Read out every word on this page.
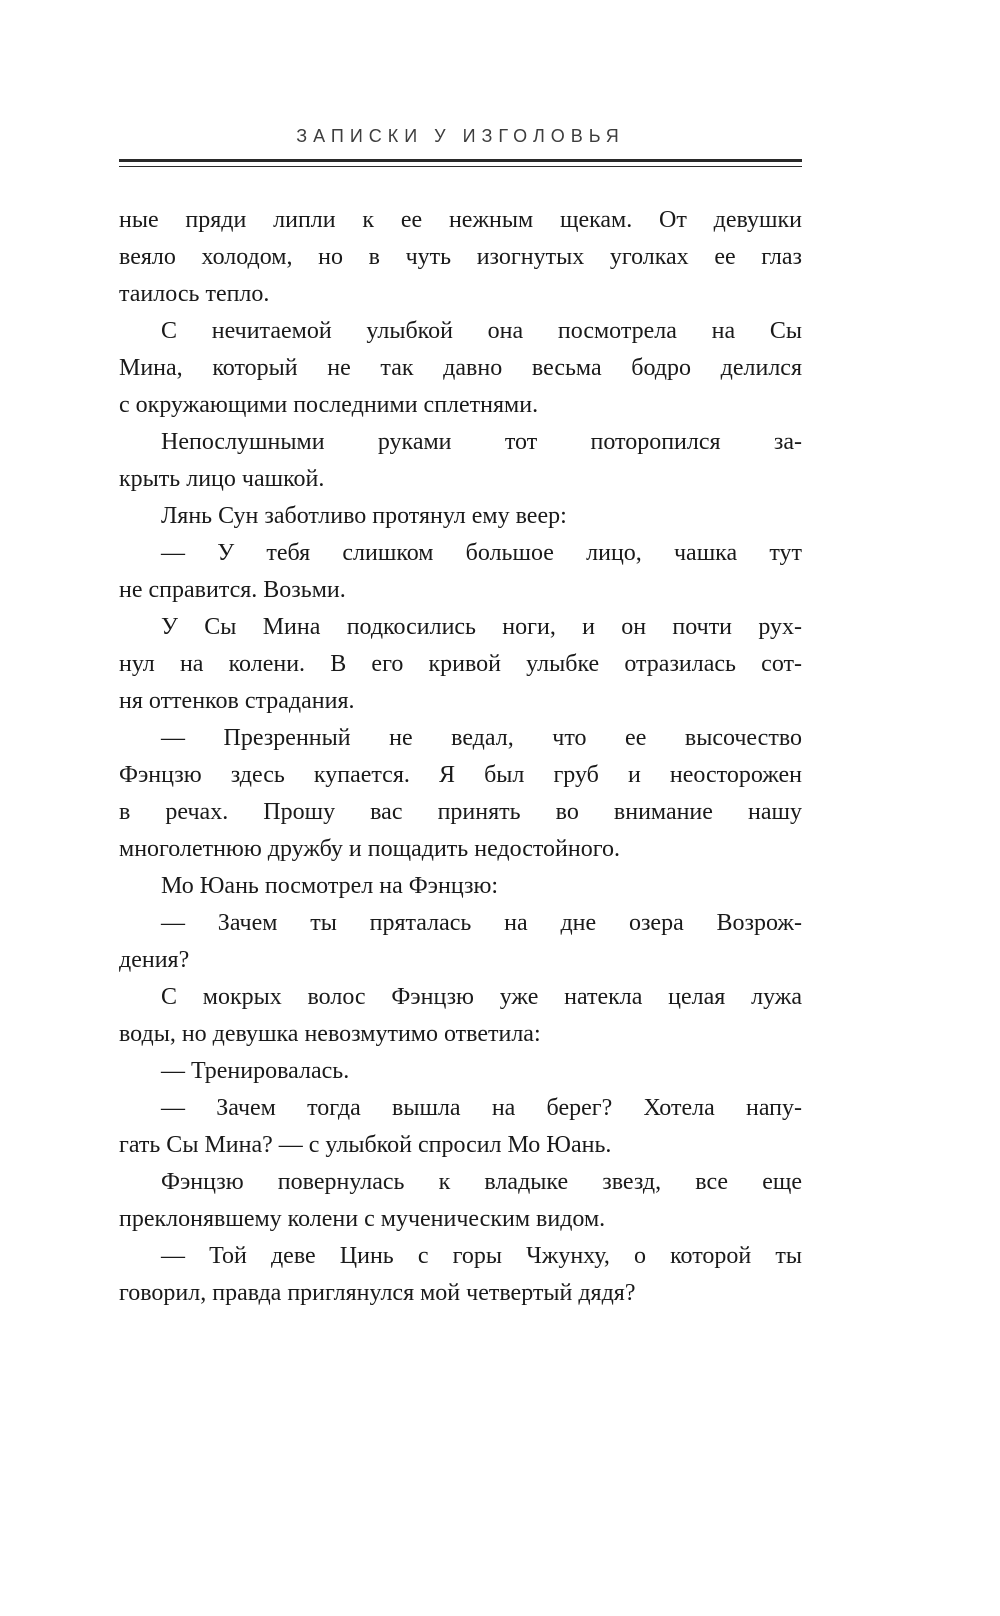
ЗАПИСКИ У ИЗГОЛОВЬЯ
ные пряди липли к ее нежным щекам. От девушки
веяло холодом, но в чуть изогнутых уголках ее глаз
таилось тепло.
С нечитаемой улыбкой она посмотрела на Сы
Мина, который не так давно весьма бодро делился
с окружающими последними сплетнями.
Непослушными руками тот поторопился за-
крыть лицо чашкой.
Лянь Сун заботливо протянул ему веер:
— У тебя слишком большое лицо, чашка тут
не справится. Возьми.
У Сы Мина подкосились ноги, и он почти рух-
нул на колени. В его кривой улыбке отразилась сот-
ня оттенков страдания.
— Презренный не ведал, что ее высочество
Фэнцзю здесь купается. Я был груб и неосторожен
в речах. Прошу вас принять во внимание нашу
многолетнюю дружбу и пощадить недостойного.
Мо Юань посмотрел на Фэнцзю:
— Зачем ты пряталась на дне озера Возрож-
дения?
С мокрых волос Фэнцзю уже натекла целая лужа
воды, но девушка невозмутимо ответила:
— Тренировалась.
— Зачем тогда вышла на берег? Хотела напу-
гать Сы Мина? — с улыбкой спросил Мо Юань.
Фэнцзю повернулась к владыке звезд, все еще
преклонявшему колени с мученическим видом.
— Той деве Цинь с горы Чжунху, о которой ты
говорил, правда приглянулся мой четвертый дядя?
